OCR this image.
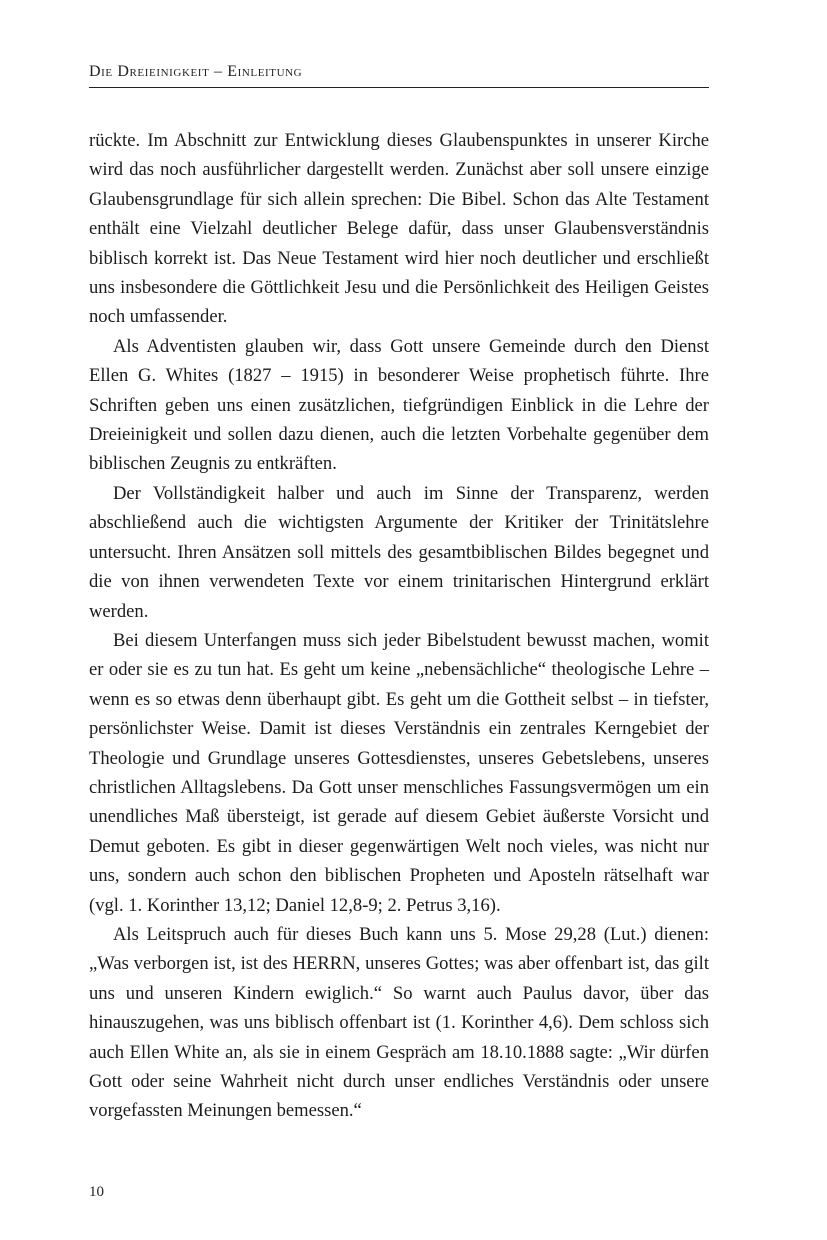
Die Dreieinigkeit – Einleitung

rückte. Im Abschnitt zur Entwicklung dieses Glaubenspunktes in unserer Kirche wird das noch ausführlicher dargestellt werden. Zunächst aber soll unsere einzige Glaubensgrundlage für sich allein sprechen: Die Bibel. Schon das Alte Testament enthält eine Vielzahl deutlicher Belege dafür, dass unser Glaubensverständnis biblisch korrekt ist. Das Neue Testament wird hier noch deutlicher und erschließt uns insbesondere die Göttlichkeit Jesu und die Persönlichkeit des Heiligen Geistes noch umfassender.

Als Adventisten glauben wir, dass Gott unsere Gemeinde durch den Dienst Ellen G. Whites (1827 – 1915) in besonderer Weise prophetisch führte. Ihre Schriften geben uns einen zusätzlichen, tiefgründigen Einblick in die Lehre der Dreieinigkeit und sollen dazu dienen, auch die letzten Vorbehalte gegenüber dem biblischen Zeugnis zu entkräften.

Der Vollständigkeit halber und auch im Sinne der Transparenz, werden abschließend auch die wichtigsten Argumente der Kritiker der Trinitätslehre untersucht. Ihren Ansätzen soll mittels des gesamtbiblischen Bildes begegnet und die von ihnen verwendeten Texte vor einem trinitarischen Hintergrund erklärt werden.

Bei diesem Unterfangen muss sich jeder Bibelstudent bewusst machen, womit er oder sie es zu tun hat. Es geht um keine „nebensächliche“ theologische Lehre – wenn es so etwas denn überhaupt gibt. Es geht um die Gottheit selbst – in tiefster, persönlichster Weise. Damit ist dieses Verständnis ein zentrales Kerngebiet der Theologie und Grundlage unseres Gottesdienstes, unseres Gebetslebens, unseres christlichen Alltagslebens. Da Gott unser menschliches Fassungsvermögen um ein unendliches Maß übersteigt, ist gerade auf diesem Gebiet äußerste Vorsicht und Demut geboten. Es gibt in dieser gegenwärtigen Welt noch vieles, was nicht nur uns, sondern auch schon den biblischen Propheten und Aposteln rätselhaft war (vgl. 1. Korinther 13,12; Daniel 12,8-9; 2. Petrus 3,16).

Als Leitspruch auch für dieses Buch kann uns 5. Mose 29,28 (Lut.) dienen: „Was verborgen ist, ist des HERRN, unseres Gottes; was aber offenbart ist, das gilt uns und unseren Kindern ewiglich.“ So warnt auch Paulus davor, über das hinauszugehen, was uns biblisch offenbart ist (1. Korinther 4,6). Dem schloss sich auch Ellen White an, als sie in einem Gespräch am 18.10.1888 sagte: „Wir dürfen Gott oder seine Wahrheit nicht durch unser endliches Verständnis oder unsere vorgefassten Meinungen bemessen.“

10
